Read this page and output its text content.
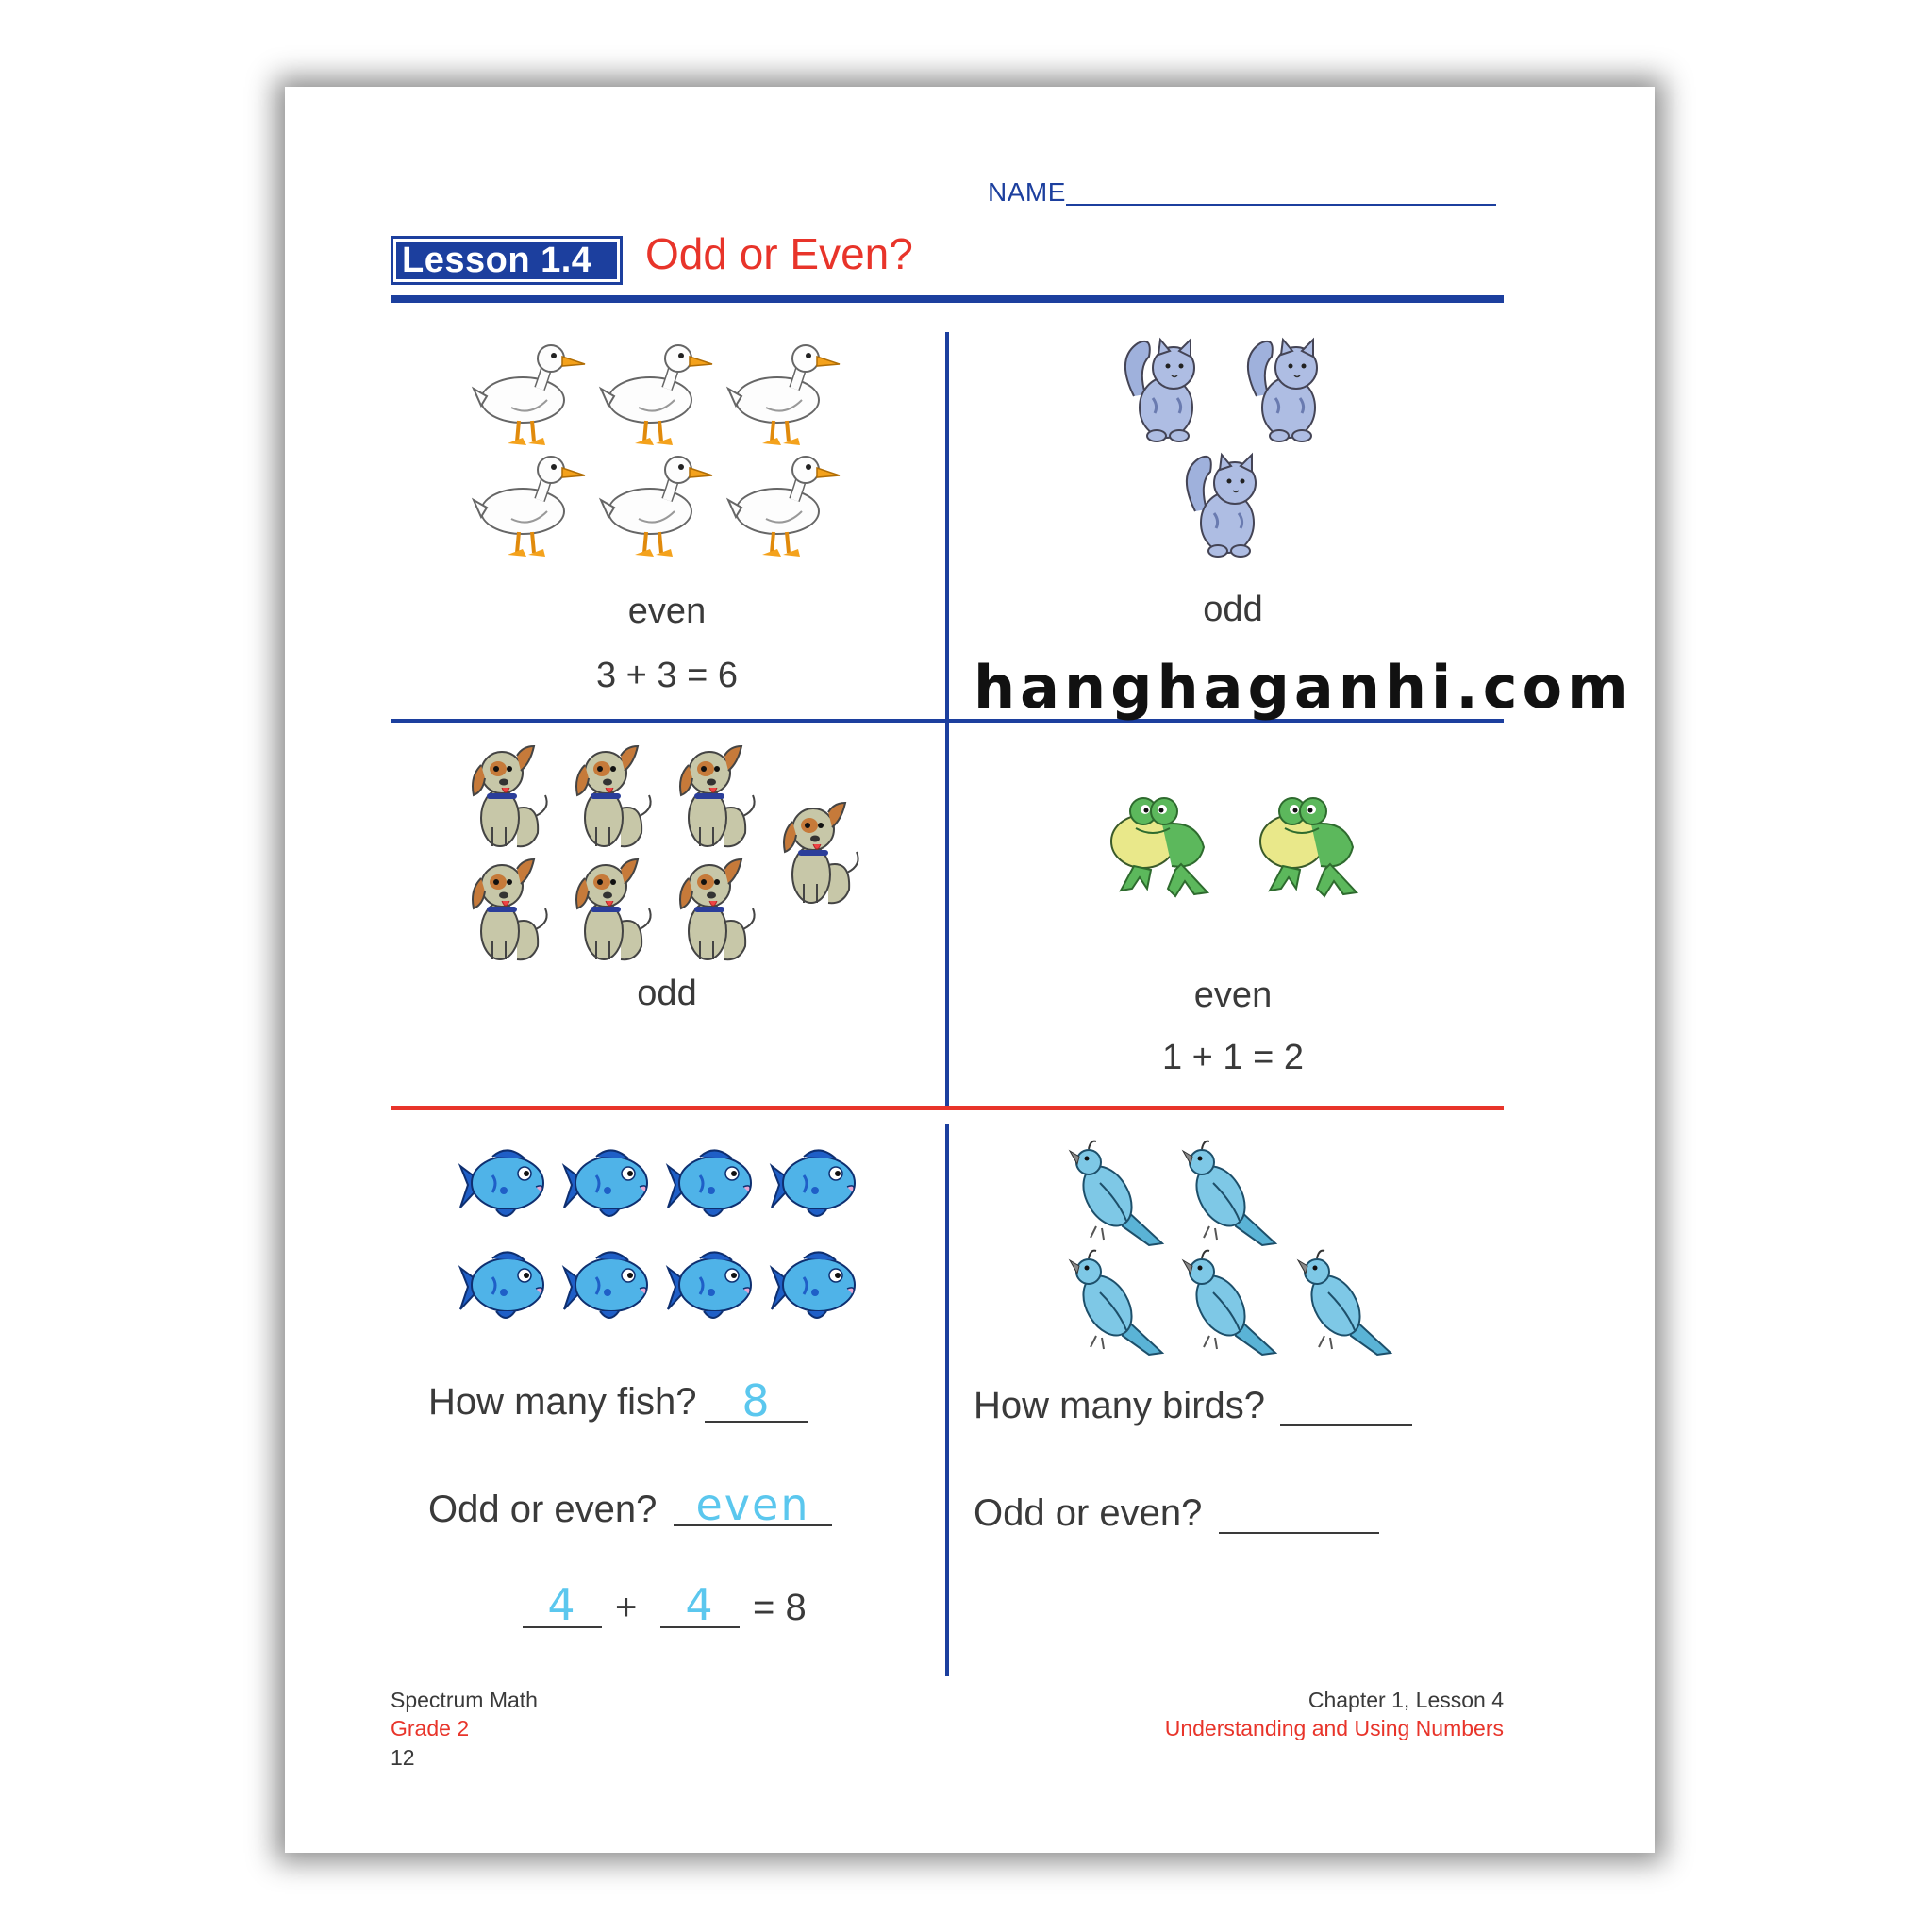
NAME
Lesson 1.4 Odd or Even?
even
3 + 3 = 6
odd
hanghaganhi.com
odd	even
1 + 1 = 2
How many fish?	8
Odd or even? even
4	+	4	= 8
How many birds?
Odd or even?
Spectrum Math
Grade 2
12
Chapter 1, Lesson 4
Understanding and Using Numbers
